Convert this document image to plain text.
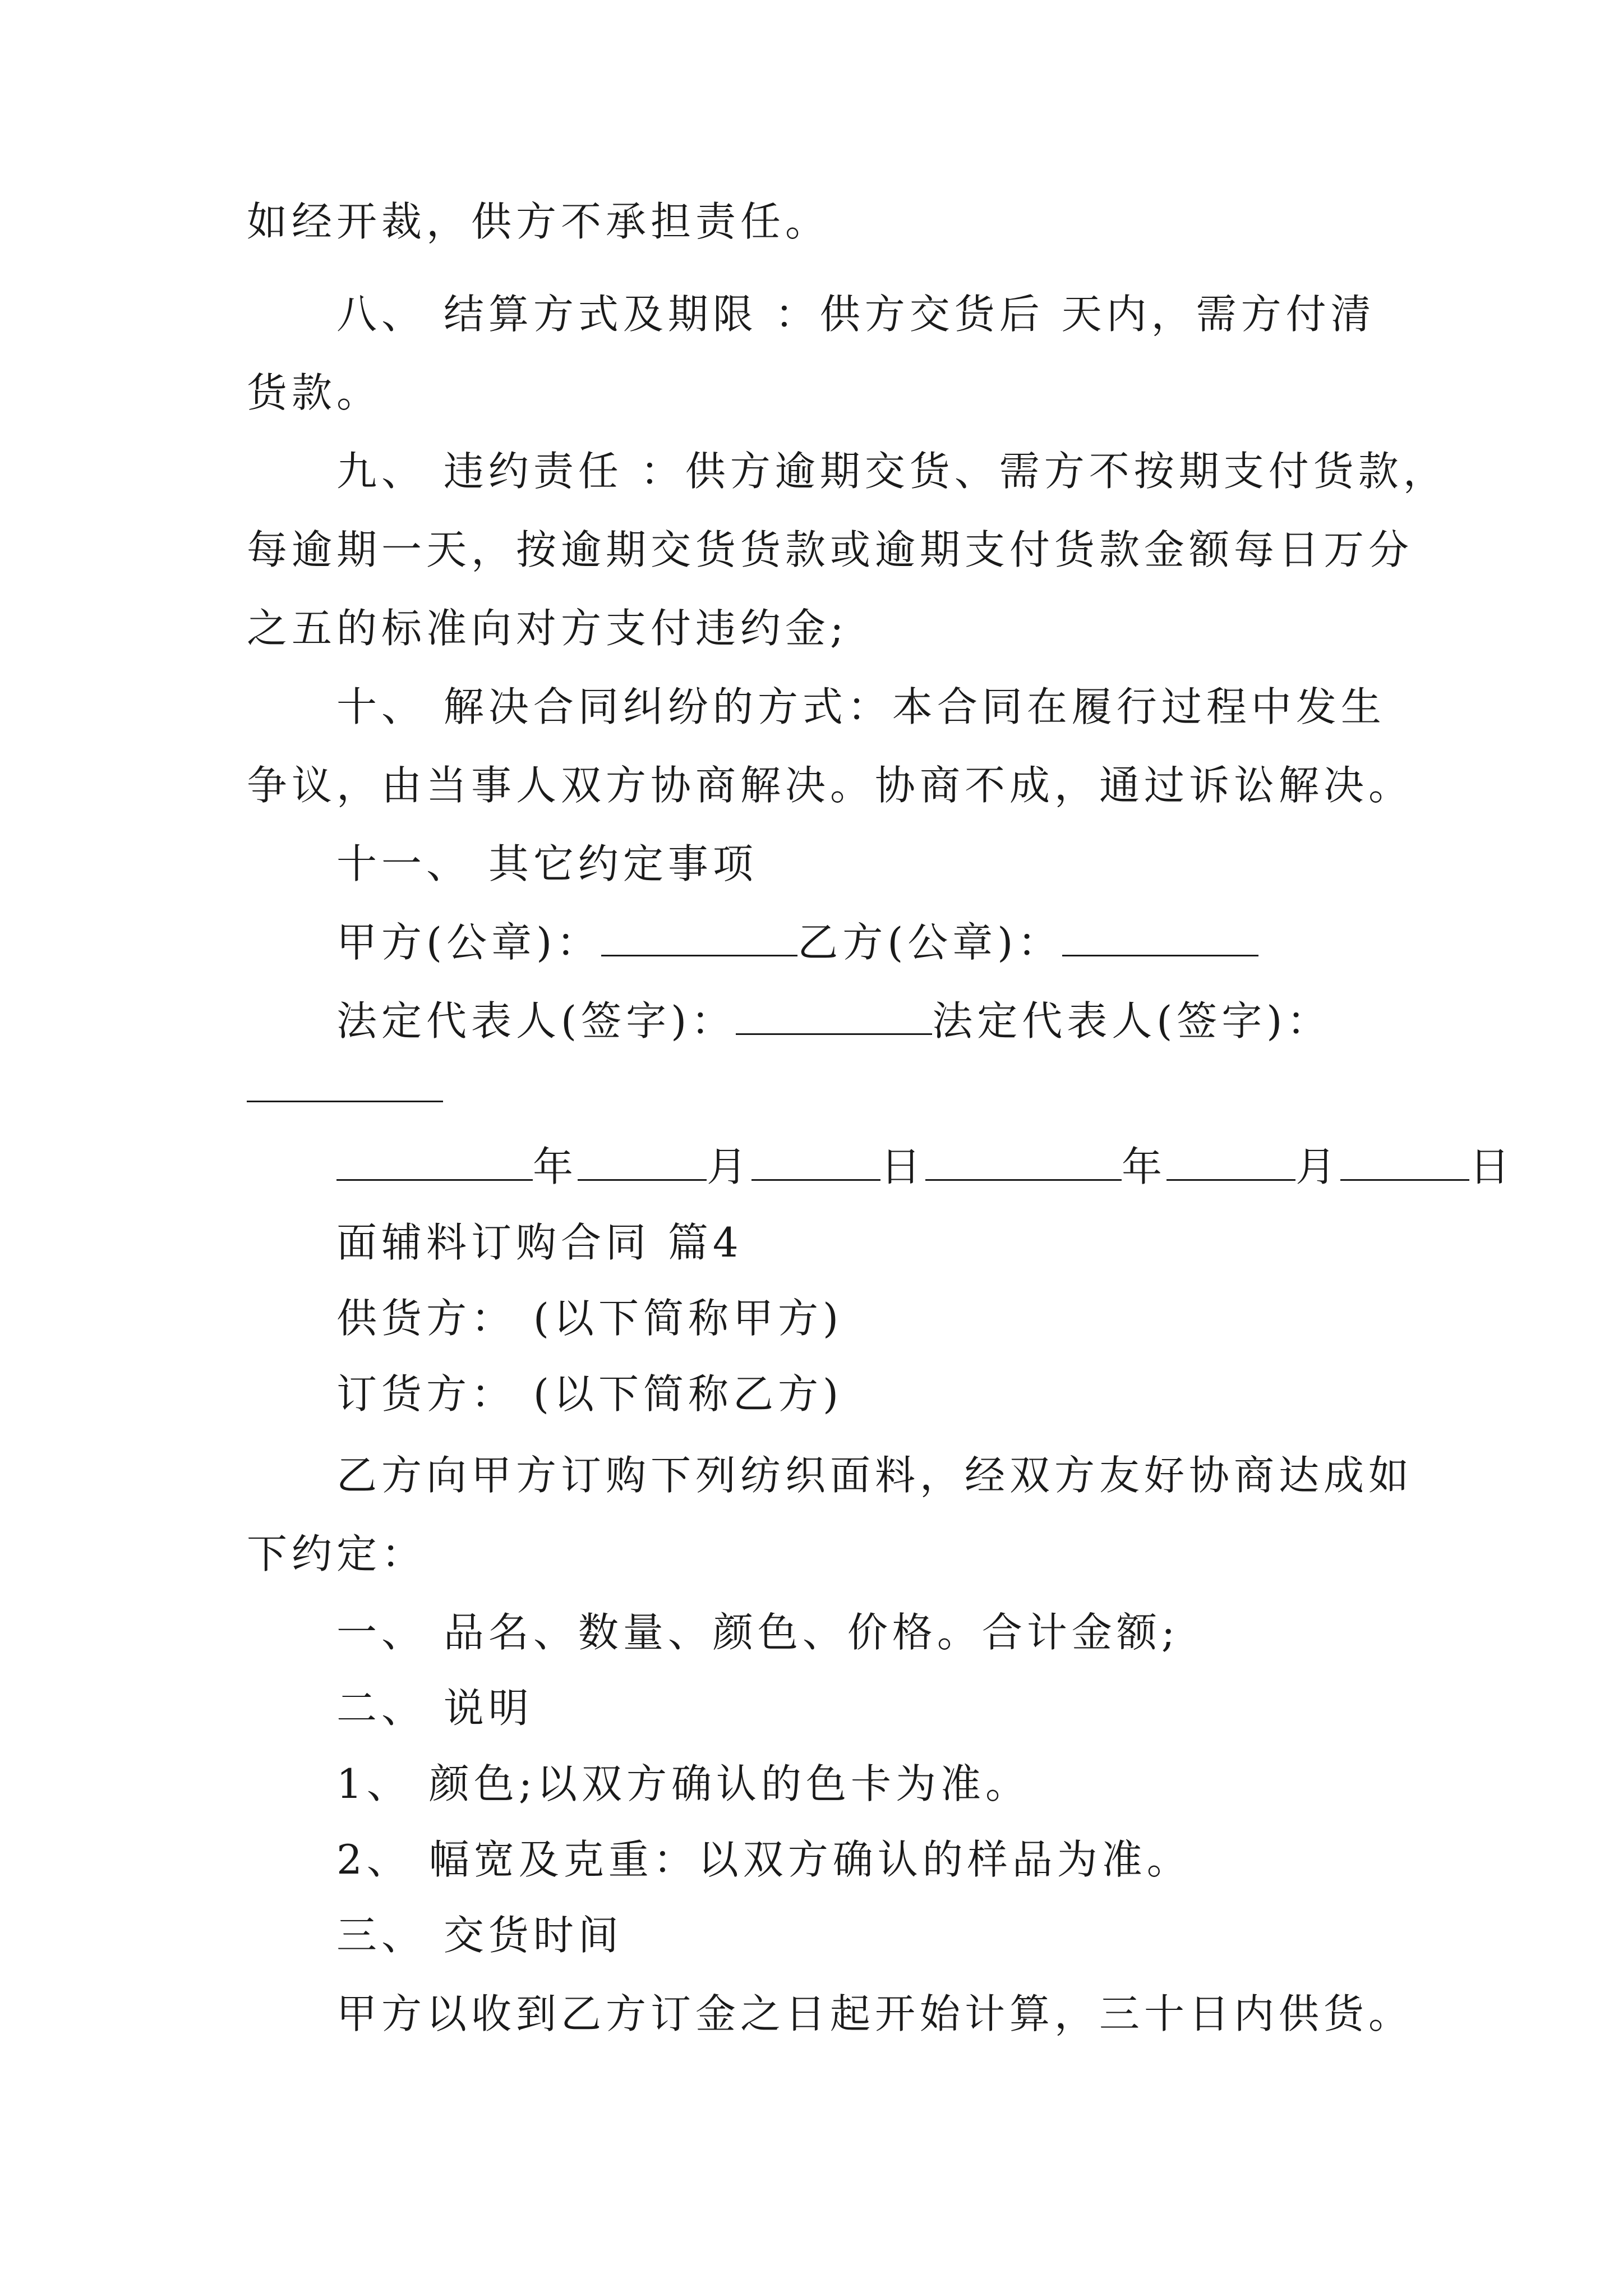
如经开裁，供方不承担责任。
八、 结算方式及期限 ：供方交货后 天内，需方付清
货款。
九、 违约责任 ：供方逾期交货、需方不按期支付货款，
每逾期一天，按逾期交货货款或逾期支付货款金额每日万分
之五的标准向对方支付违约金;
十、 解决合同纠纷的方式：本合同在履行过程中发生
争议，由当事人双方协商解决。协商不成，通过诉讼解决。
十一、 其它约定事项
甲方(公章)：	乙方(公章)：
法定代表人(签字)：	法定代表人(签字)：
年	月	日	年	月	日
面辅料订购合同 篇4
供货方： (以下简称甲方)
订货方： (以下简称乙方)
乙方向甲方订购下列纺织面料，经双方友好协商达成如
下约定：
一、 品名、数量、颜色、价格。合计金额;
二、 说明
1、 颜色;以双方确认的色卡为准。
2、 幅宽及克重：以双方确认的样品为准。
三、 交货时间
甲方以收到乙方订金之日起开始计算，三十日内供货。
